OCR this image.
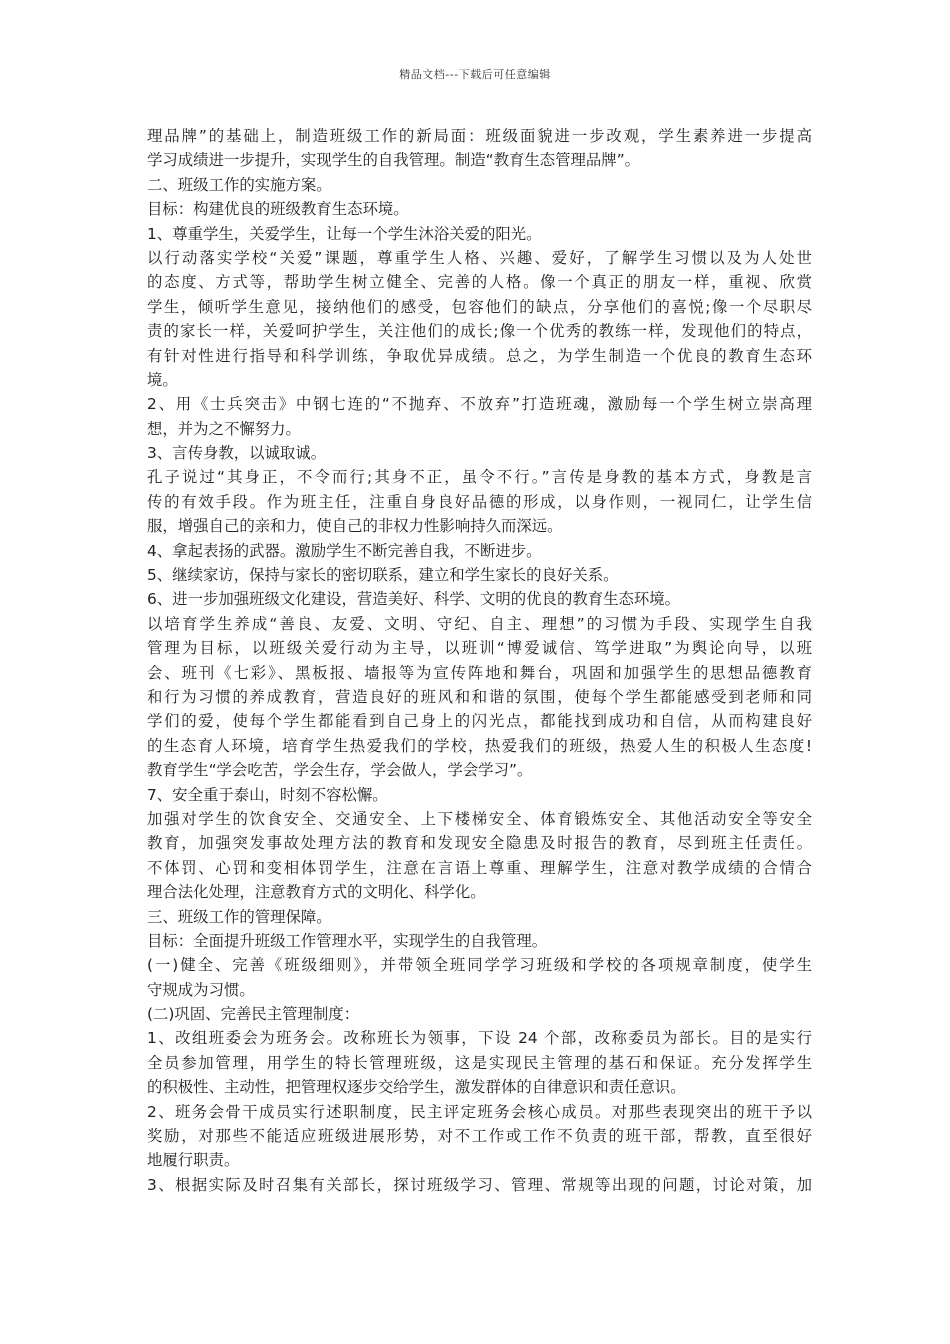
精品文档---下载后可任意编辑
理品牌”的基础上，制造班级工作的新局面：班级面貌进一步改观，学生素养进一步提高
学习成绩进一步提升，实现学生的自我管理。制造“教育生态管理品牌”。
二、班级工作的实施方案。
目标：构建优良的班级教育生态环境。
1、尊重学生，关爱学生，让每一个学生沐浴关爱的阳光。
以行动落实学校“关爱”课题，尊重学生人格、兴趣、爱好，了解学生习惯以及为人处世
的态度、方式等，帮助学生树立健全、完善的人格。像一个真正的朋友一样，重视、欣赏
学生，倾听学生意见，接纳他们的感受，包容他们的缺点，分享他们的喜悦;像一个尽职尽
责的家长一样，关爱呵护学生，关注他们的成长;像一个优秀的教练一样，发现他们的特点，
有针对性进行指导和科学训练，争取优异成绩。总之，为学生制造一个优良的教育生态环
境。
2、用《士兵突击》中钢七连的“不抛弃、不放弃”打造班魂，激励每一个学生树立崇高理
想，并为之不懈努力。
3、言传身教，以诚取诚。
孔子说过“其身正，不令而行;其身不正，虽令不行。”言传是身教的基本方式，身教是言
传的有效手段。作为班主任，注重自身良好品德的形成，以身作则，一视同仁，让学生信
服，增强自己的亲和力，使自己的非权力性影响持久而深远。
4、拿起表扬的武器。激励学生不断完善自我，不断进步。
5、继续家访，保持与家长的密切联系，建立和学生家长的良好关系。
6、进一步加强班级文化建设，营造美好、科学、文明的优良的教育生态环境。
以培育学生养成“善良、友爱、文明、守纪、自主、理想”的习惯为手段、实现学生自我
管理为目标，以班级关爱行动为主导，以班训“博爱诚信、笃学进取”为舆论向导，以班
会、班刊《七彩》、黑板报、墙报等为宣传阵地和舞台，巩固和加强学生的思想品德教育
和行为习惯的养成教育，营造良好的班风和和谐的氛围，使每个学生都能感受到老师和同
学们的爱，使每个学生都能看到自己身上的闪光点，都能找到成功和自信，从而构建良好
的生态育人环境，培育学生热爱我们的学校，热爱我们的班级，热爱人生的积极人生态度!
教育学生“学会吃苦，学会生存，学会做人，学会学习”。
7、安全重于泰山，时刻不容松懈。
加强对学生的饮食安全、交通安全、上下楼梯安全、体育锻炼安全、其他活动安全等安全
教育，加强突发事故处理方法的教育和发现安全隐患及时报告的教育，尽到班主任责任。
不体罚、心罚和变相体罚学生，注意在言语上尊重、理解学生，注意对教学成绩的合情合
理合法化处理，注意教育方式的文明化、科学化。
三、班级工作的管理保障。
目标：全面提升班级工作管理水平，实现学生的自我管理。
(一)健全、完善《班级细则》，并带领全班同学学习班级和学校的各项规章制度，使学生
守规成为习惯。
(二)巩固、完善民主管理制度：
1、改组班委会为班务会。改称班长为领事，下设 24 个部，改称委员为部长。目的是实行
全员参加管理，用学生的特长管理班级，这是实现民主管理的基石和保证。充分发挥学生
的积极性、主动性，把管理权逐步交给学生，激发群体的自律意识和责任意识。
2、班务会骨干成员实行述职制度，民主评定班务会核心成员。对那些表现突出的班干予以
奖励，对那些不能适应班级进展形势，对不工作或工作不负责的班干部，帮教，直至很好
地履行职责。
3、根据实际及时召集有关部长，探讨班级学习、管理、常规等出现的问题，讨论对策，加
